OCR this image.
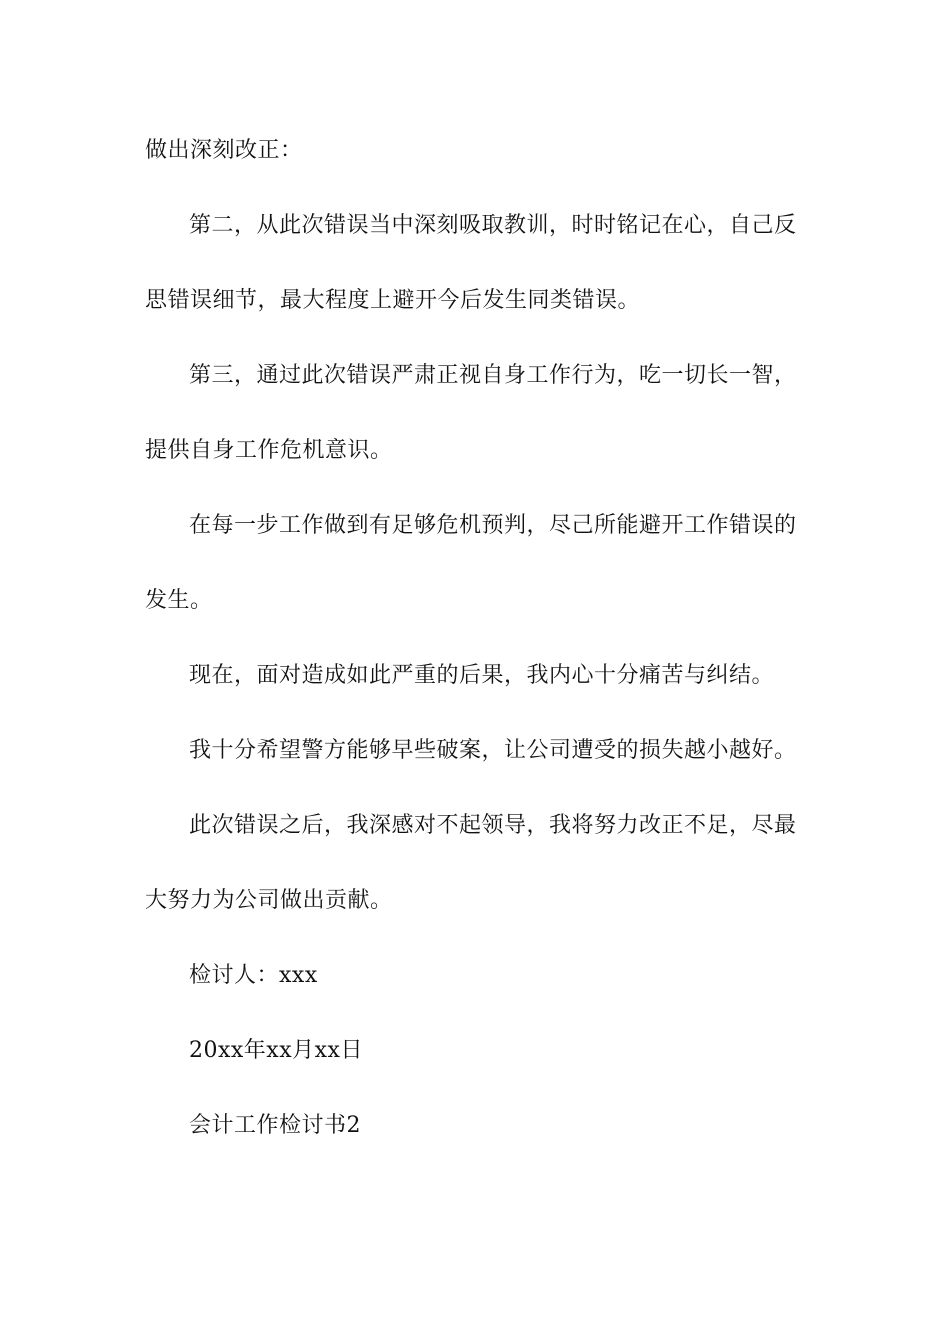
做出深刻改正：
第二，从此次错误当中深刻吸取教训，时时铭记在心，自己反
思错误细节，最大程度上避开今后发生同类错误。
第三，通过此次错误严肃正视自身工作行为，吃一切长一智，
提供自身工作危机意识。
在每一步工作做到有足够危机预判，尽己所能避开工作错误的
发生。
现在，面对造成如此严重的后果，我内心十分痛苦与纠结。
我十分希望警方能够早些破案，让公司遭受的损失越小越好。
此次错误之后，我深感对不起领导，我将努力改正不足，尽最
大努力为公司做出贡献。
检讨人：xxx
20xx年xx月xx日
会计工作检讨书2
